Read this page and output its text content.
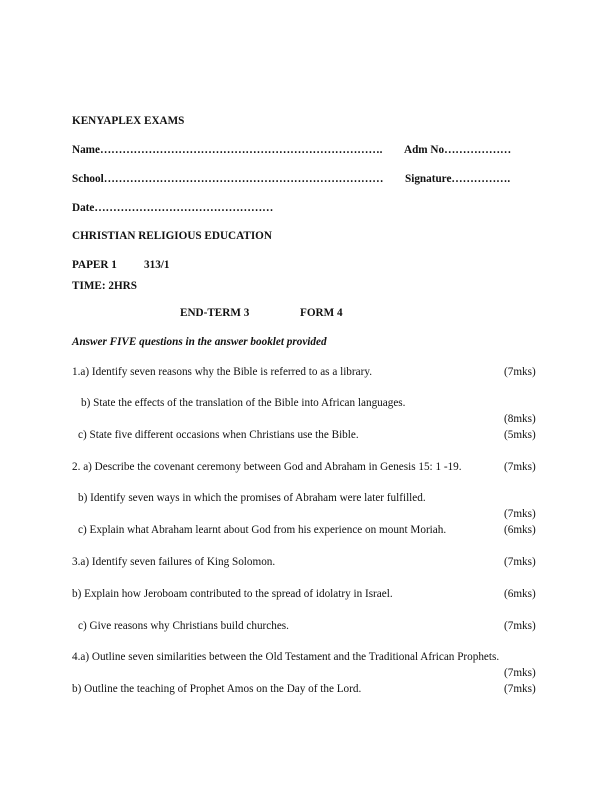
KENYAPLEX EXAMS
Name…………………………………………………………………. Adm No………………
School………………………………………………………………… Signature…………….
Date…………………………………………
CHRISTIAN RELIGIOUS EDUCATION
PAPER 1 313/1
TIME: 2HRS
END-TERM 3	FORM 4
Answer FIVE questions in the answer booklet provided
1.a) Identify seven reasons why the Bible is referred to as a library.	(7mks)
b) State the effects of the translation of the Bible into African languages.
(8mks)
c) State five different occasions when Christians use the Bible.	(5mks)
2. a) Describe the covenant ceremony between God and Abraham in Genesis 15: 1 -19.	(7mks)
b) Identify seven ways in which the promises of Abraham were later fulfilled.
(7mks)
c) Explain what Abraham learnt about God from his experience on mount Moriah.	(6mks)
3.a) Identify seven failures of King Solomon.	(7mks)
b) Explain how Jeroboam contributed to the spread of idolatry in Israel.	(6mks)
c) Give reasons why Christians build churches.	(7mks)
4.a) Outline seven similarities between the Old Testament and the Traditional African Prophets.
(7mks)
b) Outline the teaching of Prophet Amos on the Day of the Lord.	(7mks)
